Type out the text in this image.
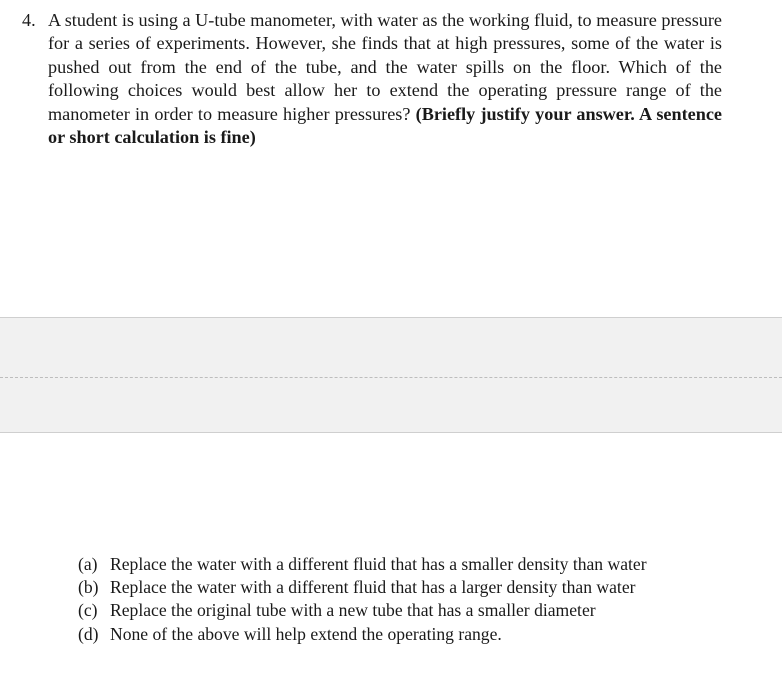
4. A student is using a U-tube manometer, with water as the working fluid, to measure pressure for a series of experiments. However, she finds that at high pressures, some of the water is pushed out from the end of the tube, and the water spills on the floor. Which of the following choices would best allow her to extend the operating pressure range of the manometer in order to measure higher pressures? (Briefly justify your answer. A sentence or short calculation is fine)
(a) Replace the water with a different fluid that has a smaller density than water
(b) Replace the water with a different fluid that has a larger density than water
(c) Replace the original tube with a new tube that has a smaller diameter
(d) None of the above will help extend the operating range.
